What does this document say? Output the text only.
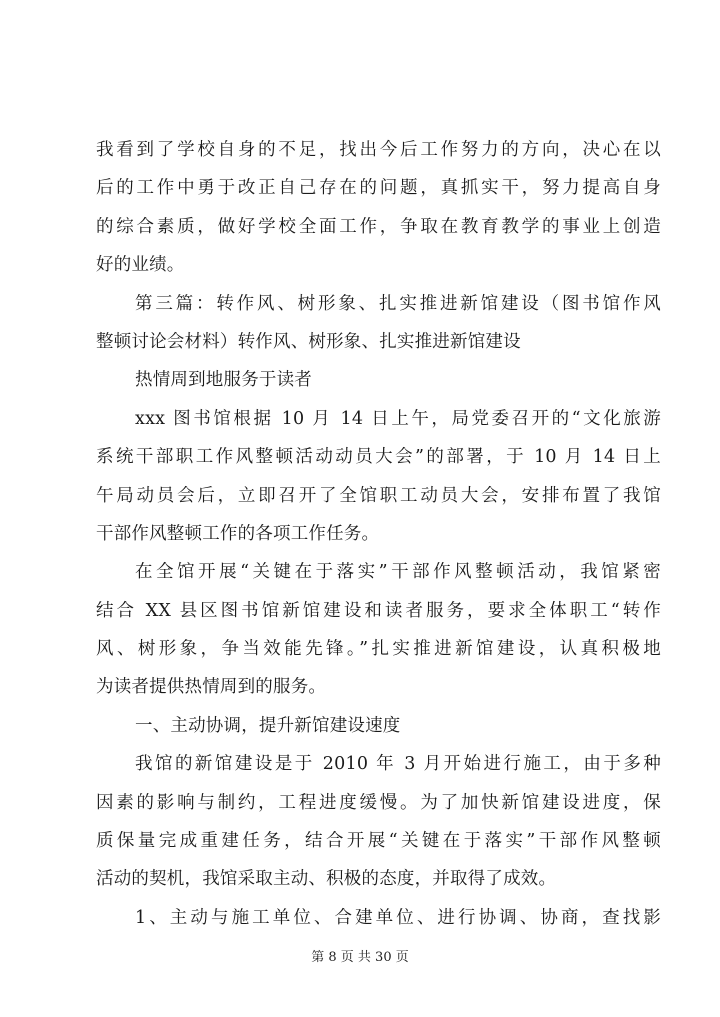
我看到了学校自身的不足，找出今后工作努力的方向，决心在以
后的工作中勇于改正自己存在的问题，真抓实干，努力提高自身
的综合素质，做好学校全面工作，争取在教育教学的事业上创造
好的业绩。
第三篇：转作风、树形象、扎实推进新馆建设（图书馆作风
整顿讨论会材料）转作风、树形象、扎实推进新馆建设
热情周到地服务于读者
xxx 图书馆根据 10 月 14 日上午，局党委召开的“文化旅游
系统干部职工作风整顿活动动员大会”的部署，于 10 月 14 日上
午局动员会后，立即召开了全馆职工动员大会，安排布置了我馆
干部作风整顿工作的各项工作任务。
在全馆开展“关键在于落实”干部作风整顿活动，我馆紧密
结合 XX 县区图书馆新馆建设和读者服务，要求全体职工“转作
风、树形象，争当效能先锋。”扎实推进新馆建设，认真积极地
为读者提供热情周到的服务。
一、主动协调，提升新馆建设速度
我馆的新馆建设是于 2010 年 3 月开始进行施工，由于多种
因素的影响与制约，工程进度缓慢。为了加快新馆建设进度，保
质保量完成重建任务，结合开展“关键在于落实”干部作风整顿
活动的契机，我馆采取主动、积极的态度，并取得了成效。
1、主动与施工单位、合建单位、进行协调、协商，查找影
第 8 页 共 30 页
